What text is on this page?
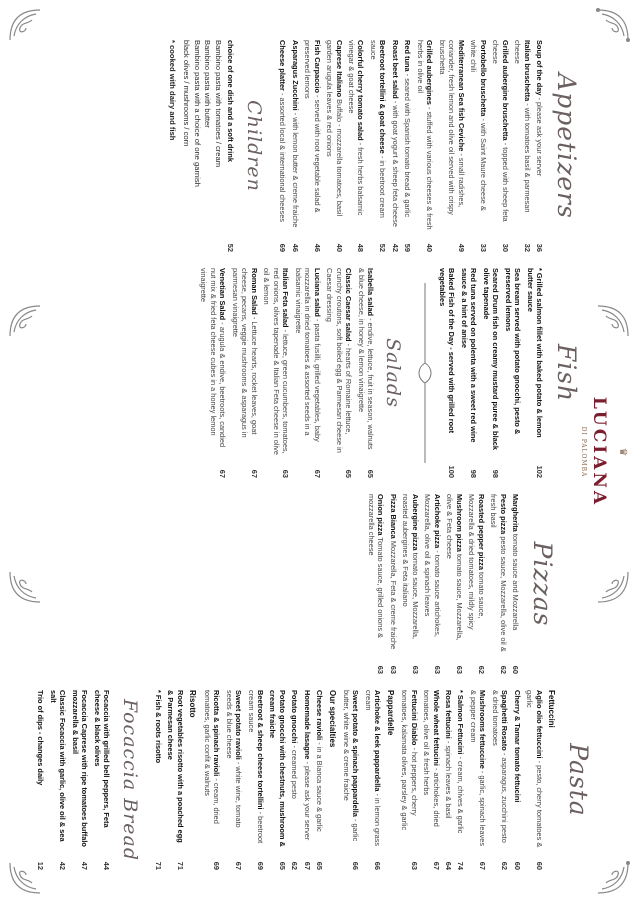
Appetizers
Soup of the day - please ask your server
36
Italian bruschetta - with tomatoes basil & parmesan cheese
32
Grilled aubergine bruschetta - topped with sheep feta cheese
30
Portobello bruschetta - with Saint Maure cheese & white chili
33
Mediterranean Sea fish Ceviche - small radishes, coriander, fresh lemon and olive oil served with crispy bruschetta
49
Grilled aubergines - stuffed with various cheeses & fresh herbs in olive oil
40
Red tuna - seared with Spanish tomato bread & garlic
59
Roast beet salad - with goat yogurt & sheep feta cheese
42
Beetroot tortellini & goat cheese - in beetroot cream sauce
52
Colorful cherry tomato salad - fresh herbs balsamic vinegar & goat cheese
48
Caprese Italiano Buffalo - mozzarella tomatoes, basil garden arugula leaves & red onions
40
Fish Carpaccio - served with root vegetable salad & preserved lemons
46
Asparagus Zucchini - with lemon butter & creme fraiche
46
Cheese platter - assorted local & international cheeses
69
Children
choice of one dish and a soft drink
52
Bambino pasta with tomatoes / cream
Bambino pasta with butter
Bambino pasta with a choice of one garnish
black olives / mushrooms / corn
* cooked with dairy and fish
Fish
* Grilled salmon fillet with baked potato & lemon butter sauce
102
Sea bream served with potato gnocchi, pesto & preserved lemons
Seared Drum fish on creamy mustard puree & black olive tapenade
98
Red tuna served on polenta with a sweet red wine sauce & a hint of anise
98
Baked Fish of the Day - served with grilled root vegetables
100
Salads
Isabella salad - endive, lettuce, fruit in season, walnuts & blue cheese, in honey & lemon vinaigrette
65
Classic Caesar salad - hearts of Romaine lettuce, crunchy croutons, soft boiled egg & Parmesan cheese in Caesar dressing
65
Luciana salad - pasta fusilli, grilled vegetables, baby mozzarella in dried tomatoes & assorted seeds in a balsamic vinaigrette
67
Italian Feta salad - lettuce, green cucumbers, tomatoes, red onions, olives tapenade & Italian Feta cheese in olive oil & lemon
63
Roman Salad - Lettuce hearts, rocket leaves, goat cheese, pecans, veggie mushrooms & asparagus in parmesan vinaigrette
67
Venetian Salad - arugula & endive, beetroots, candied nut mix & fried feta cheese cubes in a honey lemon vinaigrette
67
♛
LUCIANA
DI PALOMBA
Pizzas
Margherita tomato sauce and Mozzarella
60
Pesto pizza pesto sauce, Mozzarella, olive oil & fresh basil
62
Roasted pepper pizza tomato sauce, Mozzarella & dried tomatoes, mildly spicy
62
Mushroom pizza tomato sauce, Mozzarella, olive & Feta cheese
63
Artichoke pizza - tomato sauce artichokes, Mozzarella, olive oil & spinach leaves
63
Aubergine pizza tomato sauce, Mozzarella, roasted aubergines & Feta italiano
63
Pizza Bianca Mozzarella, Feta & creme fraiche
63
Onion pizza Tomato sauce, grilled onions & mozzarella cheese
63
Pasta
Fettuccini
Aglio olio fettuccini - pesto, cherry tomatoes & garlic
60
Cherry & Tamar tomato fettucini
60
Spaghetti Rosato - asparagus, zucchini pesto & dried tomatoes
62
Mushrooms fettuccine - garlic, spinach leaves & pepper cream
67
* Salmon Fettucini - cream, chives & garlic
74
Rosa fettucini - spinach leaves & basil
64
Whole wheat fettucini - artichokes, dried tomatoes, olive oil & fresh herbs
67
Fettucini Diablo - hot peppers, cherry tomatoes, kalamata olives, parsley & garlic
63
Pappardelle
Artichoke & leek pappardella - in lemon grass cream
66
Sweet potato & spinach pappardella - garlic butter, white wine & creme fraiche
66
Our specialties
Cheese ravioli - in a Bianca sauce & garlic
65
Homemade lasagne - please ask your server
67
Potato gnocchi - creamed pesto
62
Potato gnocchi with chestnuts, mushroom & cream fraiche
65
Beetroot & sheep cheese tortellini - beetroot cream sauce
69
Sweet potato ravioli - white wine, tomato seeds & blue cheese
67
Ricotta & spinach ravioli - cream, dried tomatoes, garlic confit & walnuts
69
Risotto
Root vegetables risotto with a poached egg & Parmesan cheese
71
* Fish & roots risotto
71
Focaccia Bread
Focaccia with grilled bell peppers, Feta cheese & black olives
44
Focaccia Caprese with ripe tomatoes buffalo mozzarella & basil
47
Classic Focaccia with garlic, olive oil & sea salt
42
Trio of dips - changes daily
12
